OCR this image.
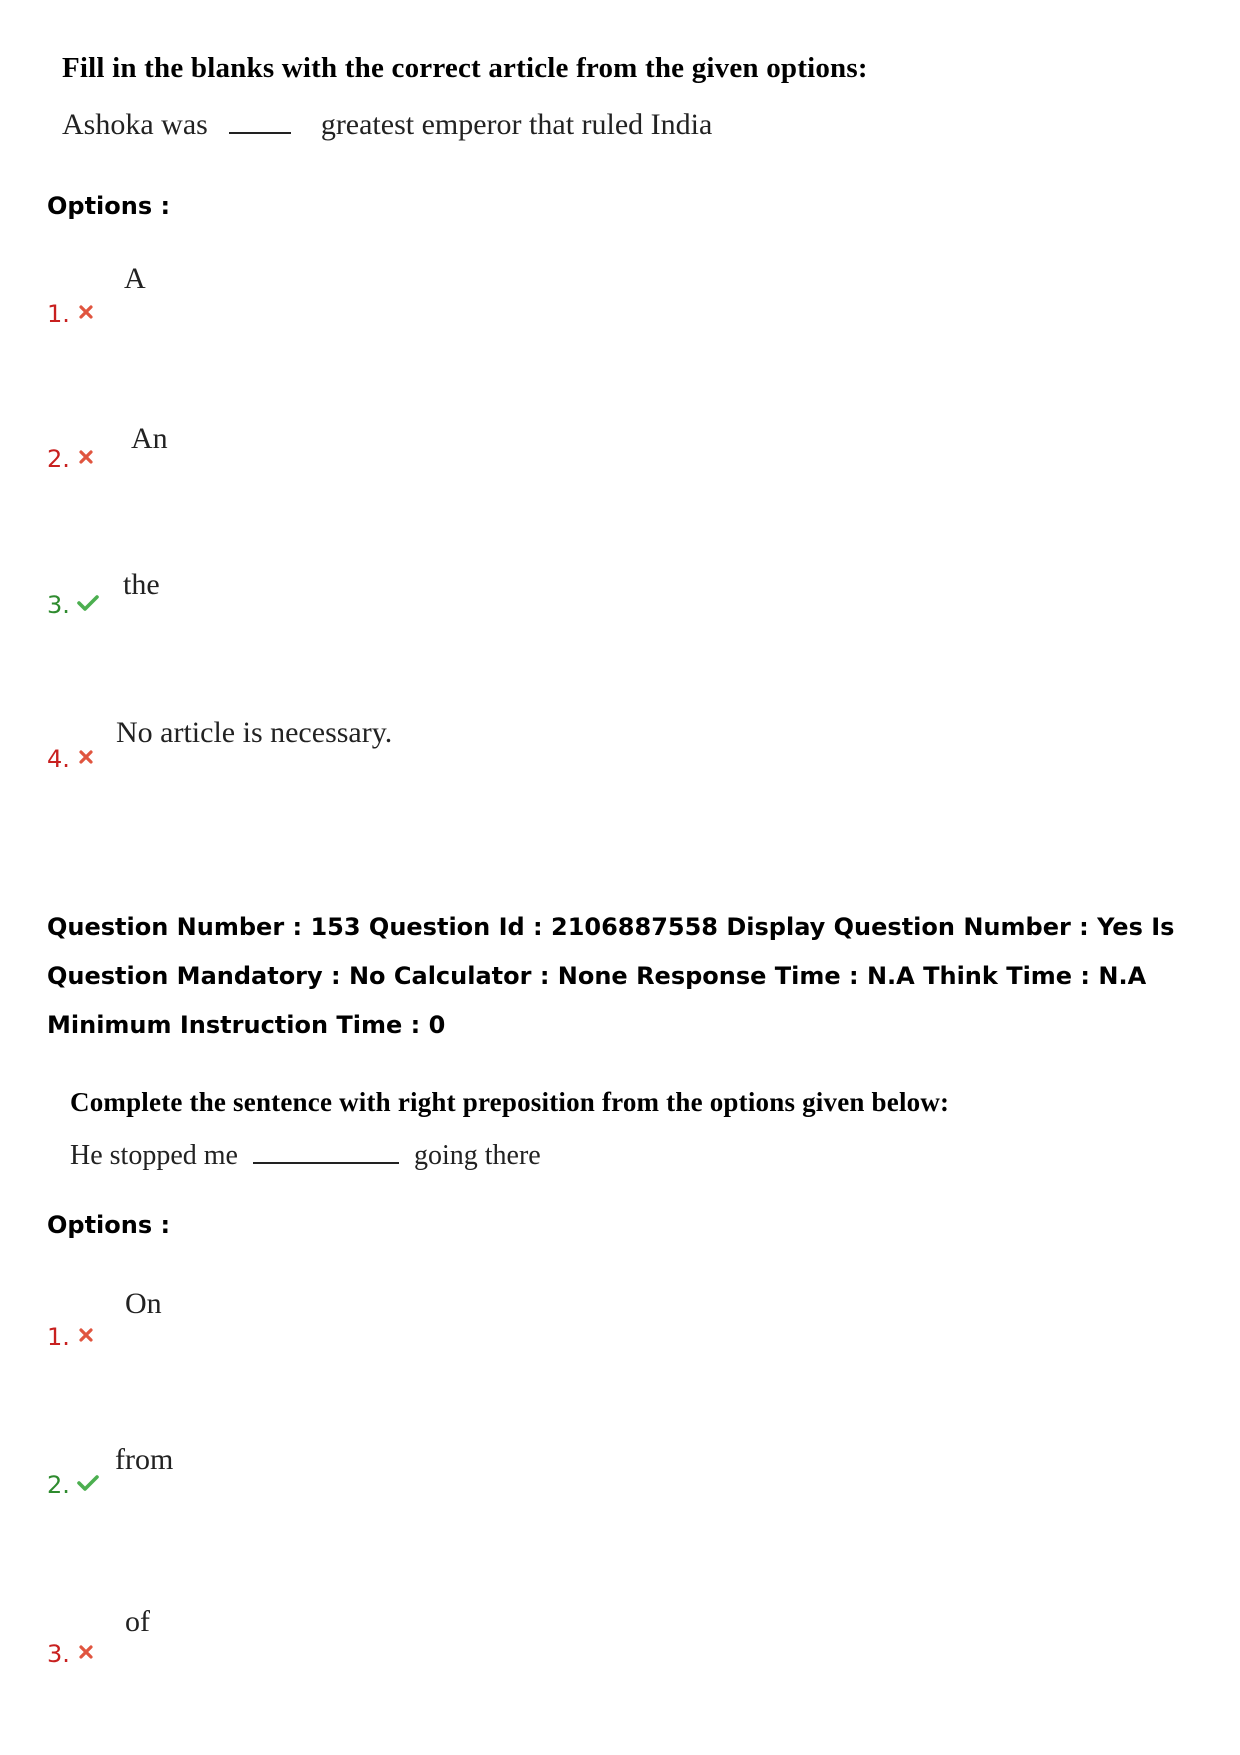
Fill in the blanks with the correct article from the given options:
Ashoka was	greatest emperor that ruled India
Options :
A
1.
An
2.
the
3.
No article is necessary.
4.
Question Number : 153 Question Id : 2106887558 Display Question Number : Yes Is Question Mandatory : No Calculator : None Response Time : N.A Think Time : N.A Minimum Instruction Time : 0
Complete the sentence with right preposition from the options given below:
He stopped me	going there
Options :
On
1.
from
2.
of
3.
